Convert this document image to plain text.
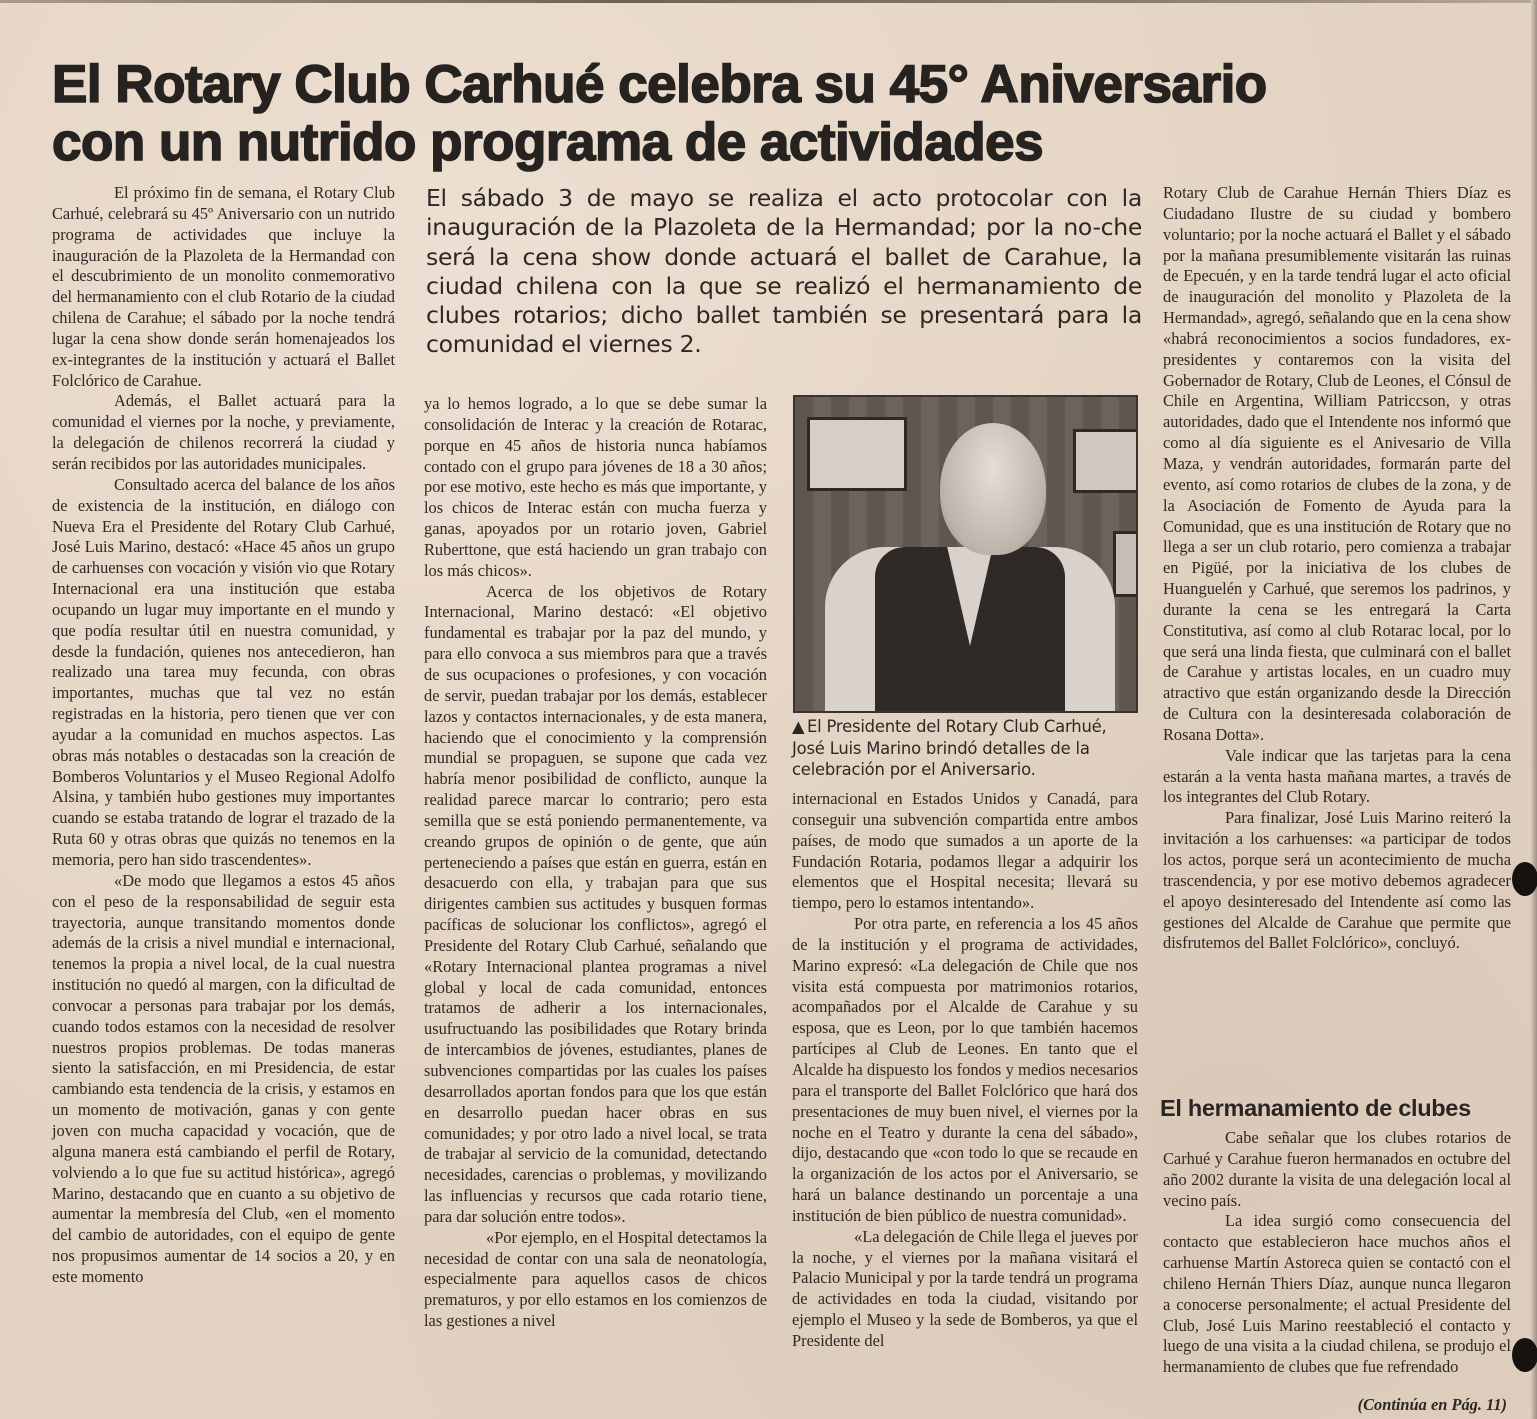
El Rotary Club Carhué celebra su 45° Aniversario
con un nutrido programa de actividades
El sábado 3 de mayo se realiza el acto protocolar con la inauguración de la Plazoleta de la Hermandad; por la no-che será la cena show donde actuará el ballet de Carahue, la ciudad chilena con la que se realizó el hermanamiento de clubes rotarios; dicho ballet también se presentará para la comunidad el viernes 2.

El próximo fin de semana, el Rotary Club Carhué, celebrará su 45º Aniversario con un nutrido programa de actividades que incluye la inauguración de la Plazoleta de la Hermandad con el descubrimiento de un monolito conmemorativo del hermanamiento con el club Rotario de la ciudad chilena de Carahue; el sábado por la noche tendrá lugar la cena show donde serán homenajeados los ex-integrantes de la institución y actuará el Ballet Folclórico de Carahue.

Además, el Ballet actuará para la comunidad el viernes por la noche, y previamente, la delegación de chilenos recorrerá la ciudad y serán recibidos por las autoridades municipales.

Consultado acerca del balance de los años de existencia de la institución, en diálogo con Nueva Era el Presidente del Rotary Club Carhué, José Luis Marino, destacó: «Hace 45 años un grupo de carhuenses con vocación y visión vio que Rotary Internacional era una institución que estaba ocupando un lugar muy importante en el mundo y que podía resultar útil en nuestra comunidad, y desde la fundación, quienes nos antecedieron, han realizado una tarea muy fecunda, con obras importantes, muchas que tal vez no están registradas en la historia, pero tienen que ver con ayudar a la comunidad en muchos aspectos. Las obras más notables o destacadas son la creación de Bomberos Voluntarios y el Museo Regional Adolfo Alsina, y también hubo gestiones muy importantes cuando se estaba tratando de lograr el trazado de la Ruta 60 y otras obras que quizás no tenemos en la memoria, pero han sido trascendentes».

«De modo que llegamos a estos 45 años con el peso de la responsabilidad de seguir esta trayectoria, aunque transitando momentos donde además de la crisis a nivel mundial e internacional, tenemos la propia a nivel local, de la cual nuestra institución no quedó al margen, con la dificultad de convocar a personas para trabajar por los demás, cuando todos estamos con la necesidad de resolver nuestros propios problemas. De todas maneras siento la satisfacción, en mi Presidencia, de estar cambiando esta tendencia de la crisis, y estamos en un momento de motivación, ganas y con gente joven con mucha capacidad y vocación, que de alguna manera está cambiando el perfil de Rotary, volviendo a lo que fue su actitud histórica», agregó Marino, destacando que en cuanto a su objetivo de aumentar la membresía del Club, «en el momento del cambio de autoridades, con el equipo de gente nos propusimos aumentar de 14 socios a 20, y en este momento

ya lo hemos logrado, a lo que se debe sumar la consolidación de Interac y la creación de Rotarac, porque en 45 años de historia nunca habíamos contado con el grupo para jóvenes de 18 a 30 años; por ese motivo, este hecho es más que importante, y los chicos de Interac están con mucha fuerza y ganas, apoyados por un rotario joven, Gabriel Ruberttone, que está haciendo un gran trabajo con los más chicos».

Acerca de los objetivos de Rotary Internacional, Marino destacó: «El objetivo fundamental es trabajar por la paz del mundo, y para ello convoca a sus miembros para que a través de sus ocupaciones o profesiones, y con vocación de servir, puedan trabajar por los demás, establecer lazos y contactos internacionales, y de esta manera, haciendo que el conocimiento y la comprensión mundial se propaguen, se supone que cada vez habría menor posibilidad de conflicto, aunque la realidad parece marcar lo contrario; pero esta semilla que se está poniendo permanentemente, va creando grupos de opinión o de gente, que aún perteneciendo a países que están en guerra, están en desacuerdo con ella, y trabajan para que sus dirigentes cambien sus actitudes y busquen formas pacíficas de solucionar los conflictos», agregó el Presidente del Rotary Club Carhué, señalando que «Rotary Internacional plantea programas a nivel global y local de cada comunidad, entonces tratamos de adherir a los internacionales, usufructuando las posibilidades que Rotary brinda de intercambios de jóvenes, estudiantes, planes de subvenciones compartidas por las cuales los países desarrollados aportan fondos para que los que están en desarrollo puedan hacer obras en sus comunidades; y por otro lado a nivel local, se trata de trabajar al servicio de la comunidad, detectando necesidades, carencias o problemas, y movilizando las influencias y recursos que cada rotario tiene, para dar solución entre todos».

«Por ejemplo, en el Hospital detectamos la necesidad de contar con una sala de neonatología, especialmente para aquellos casos de chicos prematuros, y por ello estamos en los comienzos de las gestiones a nivel

▲ El Presidente del Rotary Club Carhué, José Luis Marino brindó detalles de la celebración por el Aniversario.

internacional en Estados Unidos y Canadá, para conseguir una subvención compartida entre ambos países, de modo que sumados a un aporte de la Fundación Rotaria, podamos llegar a adquirir los elementos que el Hospital necesita; llevará su tiempo, pero lo estamos intentando».

Por otra parte, en referencia a los 45 años de la institución y el programa de actividades, Marino expresó: «La delegación de Chile que nos visita está compuesta por matrimonios rotarios, acompañados por el Alcalde de Carahue y su esposa, que es Leon, por lo que también hacemos partícipes al Club de Leones. En tanto que el Alcalde ha dispuesto los fondos y medios necesarios para el transporte del Ballet Folclórico que hará dos presentaciones de muy buen nivel, el viernes por la noche en el Teatro y durante la cena del sábado», dijo, destacando que «con todo lo que se recaude en la organización de los actos por el Aniversario, se hará un balance destinando un porcentaje a una institución de bien público de nuestra comunidad».

«La delegación de Chile llega el jueves por la noche, y el viernes por la mañana visitará el Palacio Municipal y por la tarde tendrá un programa de actividades en toda la ciudad, visitando por ejemplo el Museo y la sede de Bomberos, ya que el Presidente del

Rotary Club de Carahue Hernán Thiers Díaz es Ciudadano Ilustre de su ciudad y bombero voluntario; por la noche actuará el Ballet y el sábado por la mañana presumiblemente visitarán las ruinas de Epecuén, y en la tarde tendrá lugar el acto oficial de inauguración del monolito y Plazoleta de la Hermandad», agregó, señalando que en la cena show «habrá reconocimientos a socios fundadores, ex-presidentes y contaremos con la visita del Gobernador de Rotary, Club de Leones, el Cónsul de Chile en Argentina, William Patriccson, y otras autoridades, dado que el Intendente nos informó que como al día siguiente es el Anivesario de Villa Maza, y vendrán autoridades, formarán parte del evento, así como rotarios de clubes de la zona, y de la Asociación de Fomento de Ayuda para la Comunidad, que es una institución de Rotary que no llega a ser un club rotario, pero comienza a trabajar en Pigüé, por la iniciativa de los clubes de Huanguelén y Carhué, que seremos los padrinos, y durante la cena se les entregará la Carta Constitutiva, así como al club Rotarac local, por lo que será una linda fiesta, que culminará con el ballet de Carahue y artistas locales, en un cuadro muy atractivo que están organizando desde la Dirección de Cultura con la desinteresada colaboración de Rosana Dotta».

Vale indicar que las tarjetas para la cena estarán a la venta hasta mañana martes, a través de los integrantes del Club Rotary.

Para finalizar, José Luis Marino reiteró la invitación a los carhuenses: «a participar de todos los actos, porque será un acontecimiento de mucha trascendencia, y por ese motivo debemos agradecer el apoyo desinteresado del Intendente así como las gestiones del Alcalde de Carahue que permite que disfrutemos del Ballet Folclórico», concluyó.

El hermanamiento de clubes

Cabe señalar que los clubes rotarios de Carhué y Carahue fueron hermanados en octubre del año 2002 durante la visita de una delegación local al vecino país.

La idea surgió como consecuencia del contacto que establecieron hace muchos años el carhuense Martín Astoreca quien se contactó con el chileno Hernán Thiers Díaz, aunque nunca llegaron a conocerse personalmente; el actual Presidente del Club, José Luis Marino reestableció el contacto y luego de una visita a la ciudad chilena, se produjo el hermanamiento de clubes que fue refrendado

(Continúa en Pág. 11)
